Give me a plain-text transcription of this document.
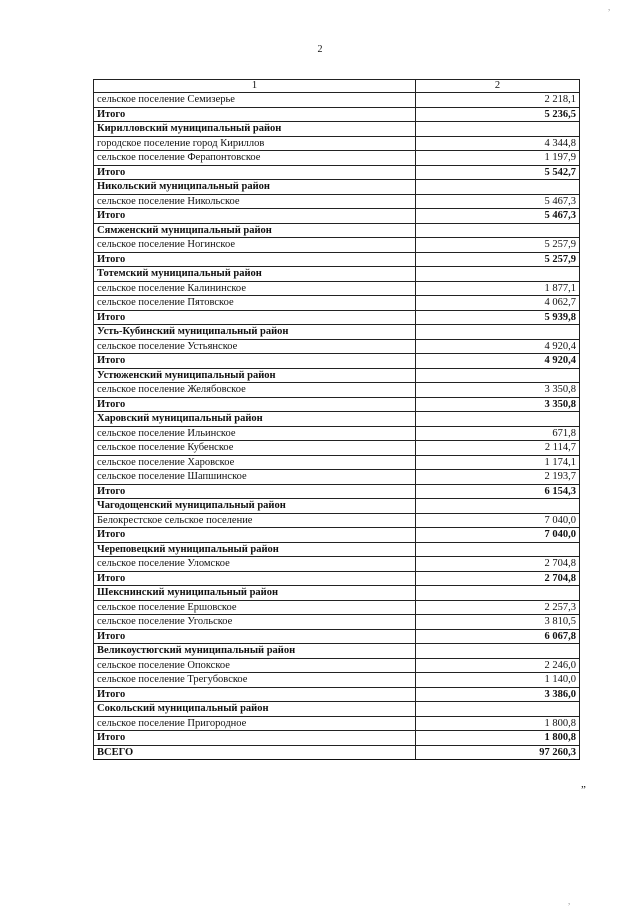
2
,
1	2
сельское поселение Семизерье	2 218,1
Итого	5 236,5
Кирилловский муниципальный район	
городское поселение город Кириллов	4 344,8
сельское поселение Ферапонтовское	1 197,9
Итого	5 542,7
Никольский муниципальный район	
сельское поселение Никольское	5 467,3
Итого	5 467,3
Сямженский муниципальный район	
сельское поселение Ногинское	5 257,9
Итого	5 257,9
Тотемский муниципальный район	
сельское поселение Калининское	1 877,1
сельское поселение Пятовское	4 062,7
Итого	5 939,8
Усть-Кубинский муниципальный район	
сельское поселение Устьянское	4 920,4
Итого	4 920,4
Устюженский муниципальный район	
сельское поселение Желябовское	3 350,8
Итого	3 350,8
Харовский муниципальный район	
сельское поселение Ильинское	671,8
сельское поселение Кубенское	2 114,7
сельское поселение Харовское	1 174,1
сельское поселение Шапшинское	2 193,7
Итого	6 154,3
Чагодощенский муниципальный район	
Белокрестское сельское поселение	7 040,0
Итого	7 040,0
Череповецкий муниципальный район	
сельское поселение Уломское	2 704,8
Итого	2 704,8
Шекснинский муниципальный район	
сельское поселение Ершовское	2 257,3
сельское поселение Угольское	3 810,5
Итого	6 067,8
Великоустюгский муниципальный район	
сельское поселение Опокское	2 246,0
сельское поселение Трегубовское	1 140,0
Итого	3 386,0
Сокольский муниципальный район	
сельское поселение Пригородное	1 800,8
Итого	1 800,8
ВСЕГО	97 260,3
”
,
